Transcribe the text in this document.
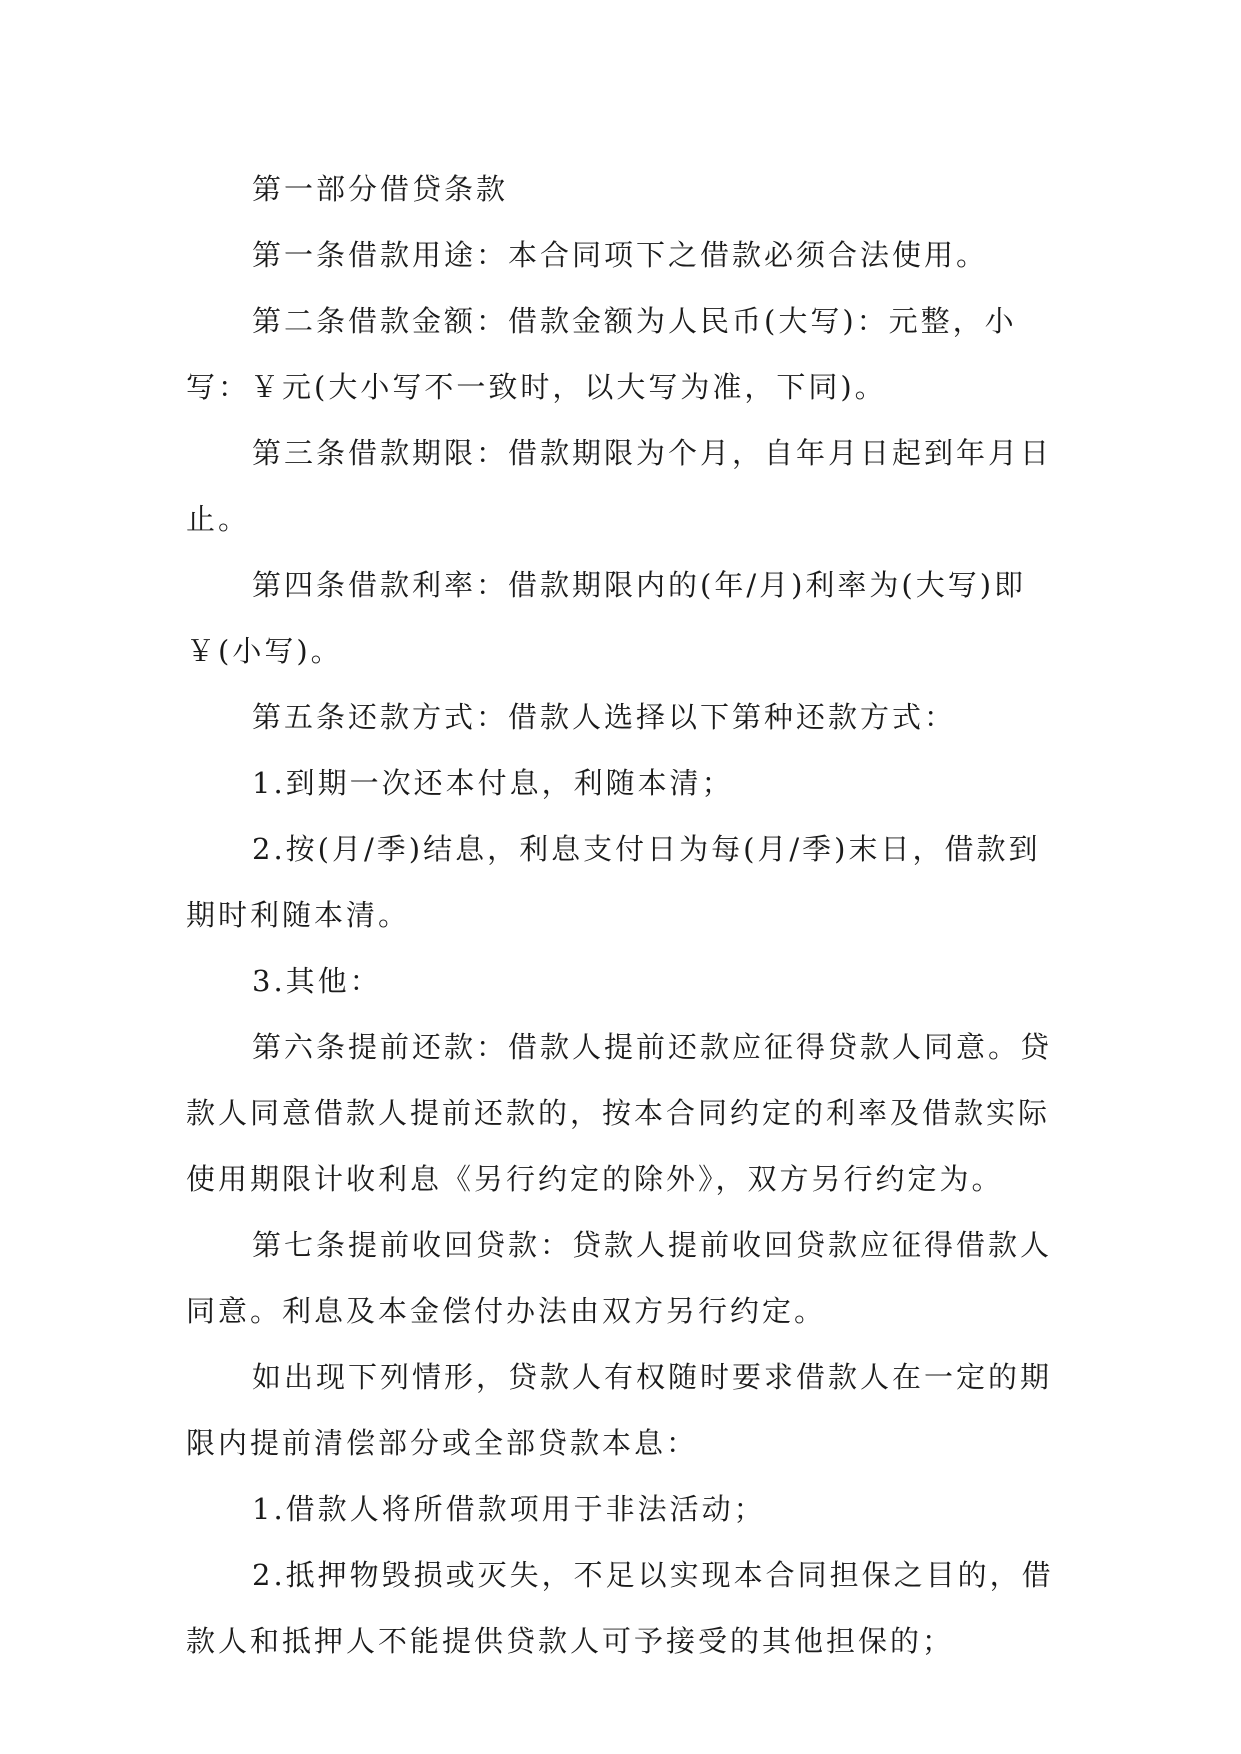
第一部分借贷条款

第一条借款用途：本合同项下之借款必须合法使用。

第二条借款金额：借款金额为人民币(大写)：元整，小写：￥元(大小写不一致时，以大写为准，下同)。

第三条借款期限：借款期限为个月，自年月日起到年月日止。

第四条借款利率：借款期限内的(年/月)利率为(大写)即￥(小写)。

第五条还款方式：借款人选择以下第种还款方式：

1.到期一次还本付息，利随本清；

2.按(月/季)结息，利息支付日为每(月/季)末日，借款到期时利随本清。

3.其他：

第六条提前还款：借款人提前还款应征得贷款人同意。贷款人同意借款人提前还款的，按本合同约定的利率及借款实际使用期限计收利息《另行约定的除外》，双方另行约定为。

第七条提前收回贷款：贷款人提前收回贷款应征得借款人同意。利息及本金偿付办法由双方另行约定。

如出现下列情形，贷款人有权随时要求借款人在一定的期限内提前清偿部分或全部贷款本息：

1.借款人将所借款项用于非法活动；

2.抵押物毁损或灭失，不足以实现本合同担保之目的，借款人和抵押人不能提供贷款人可予接受的其他担保的；
